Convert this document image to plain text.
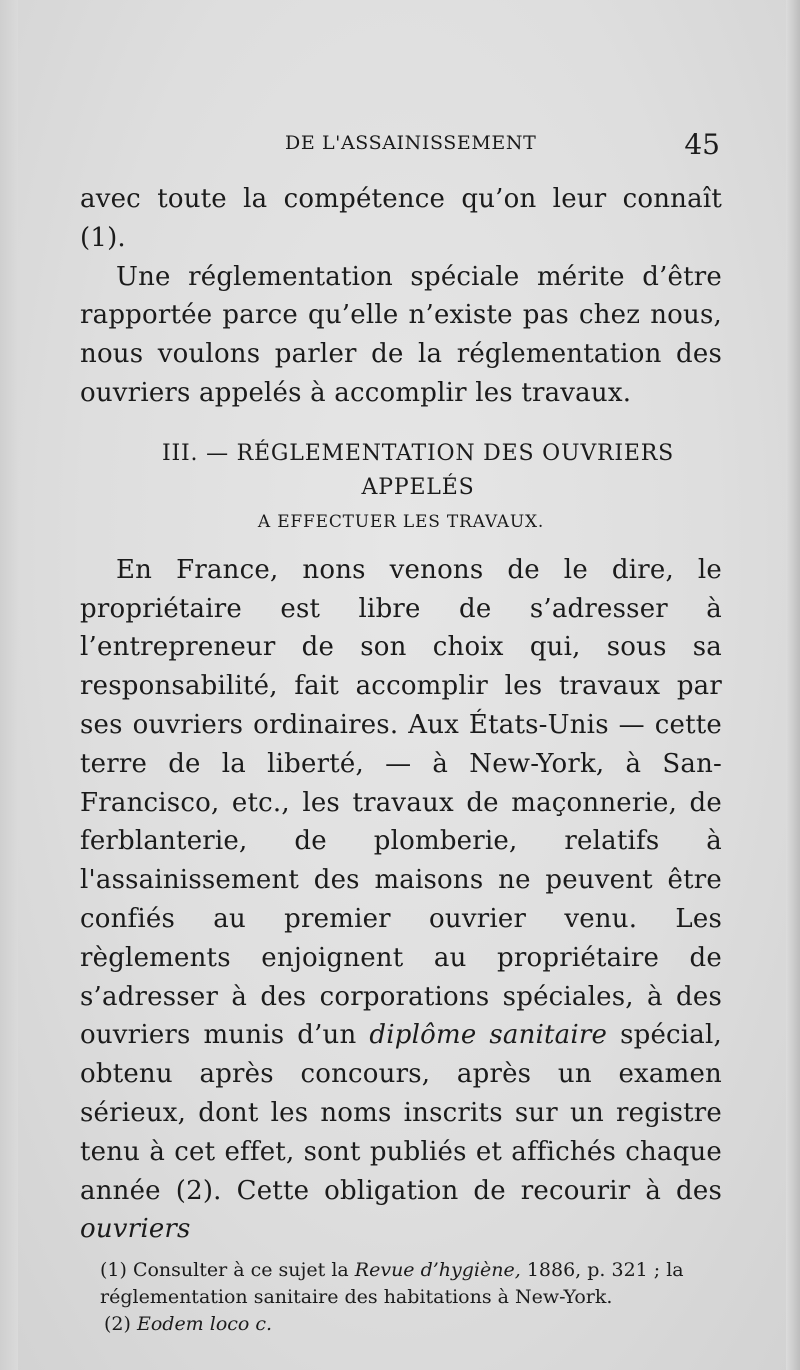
DE L'ASSAINISSEMENT	45

avec toute la compétence qu’on leur connaît (1).

Une réglementation spéciale mérite d’être rapportée parce qu’elle n’existe pas chez nous, nous voulons parler de la réglementation des ouvriers appelés à accomplir les travaux.

III. — RÉGLEMENTATION DES OUVRIERS APPELÉS
A EFFECTUER LES TRAVAUX.

En France, nons venons de le dire, le propriétaire est libre de s’adresser à l’entrepreneur de son choix qui, sous sa responsabilité, fait accomplir les travaux par ses ouvriers ordinaires. Aux États-Unis — cette terre de la liberté, — à New-York, à San-Francisco, etc., les travaux de maçonnerie, de ferblanterie, de plomberie, relatifs à l'assainissement des maisons ne peuvent être confiés au premier ouvrier venu. Les règlements enjoignent au propriétaire de s’adresser à des corporations spéciales, à des ouvriers munis d’un diplôme sanitaire spécial, obtenu après concours, après un examen sérieux, dont les noms inscrits sur un registre tenu à cet effet, sont publiés et affichés chaque année (2). Cette obligation de recourir à des ouvriers

(1) Consulter à ce sujet la Revue d’hygiène, 1886, p. 321 ; la réglementation sanitaire des habitations à New-York.

(2) Eodem loco c.
